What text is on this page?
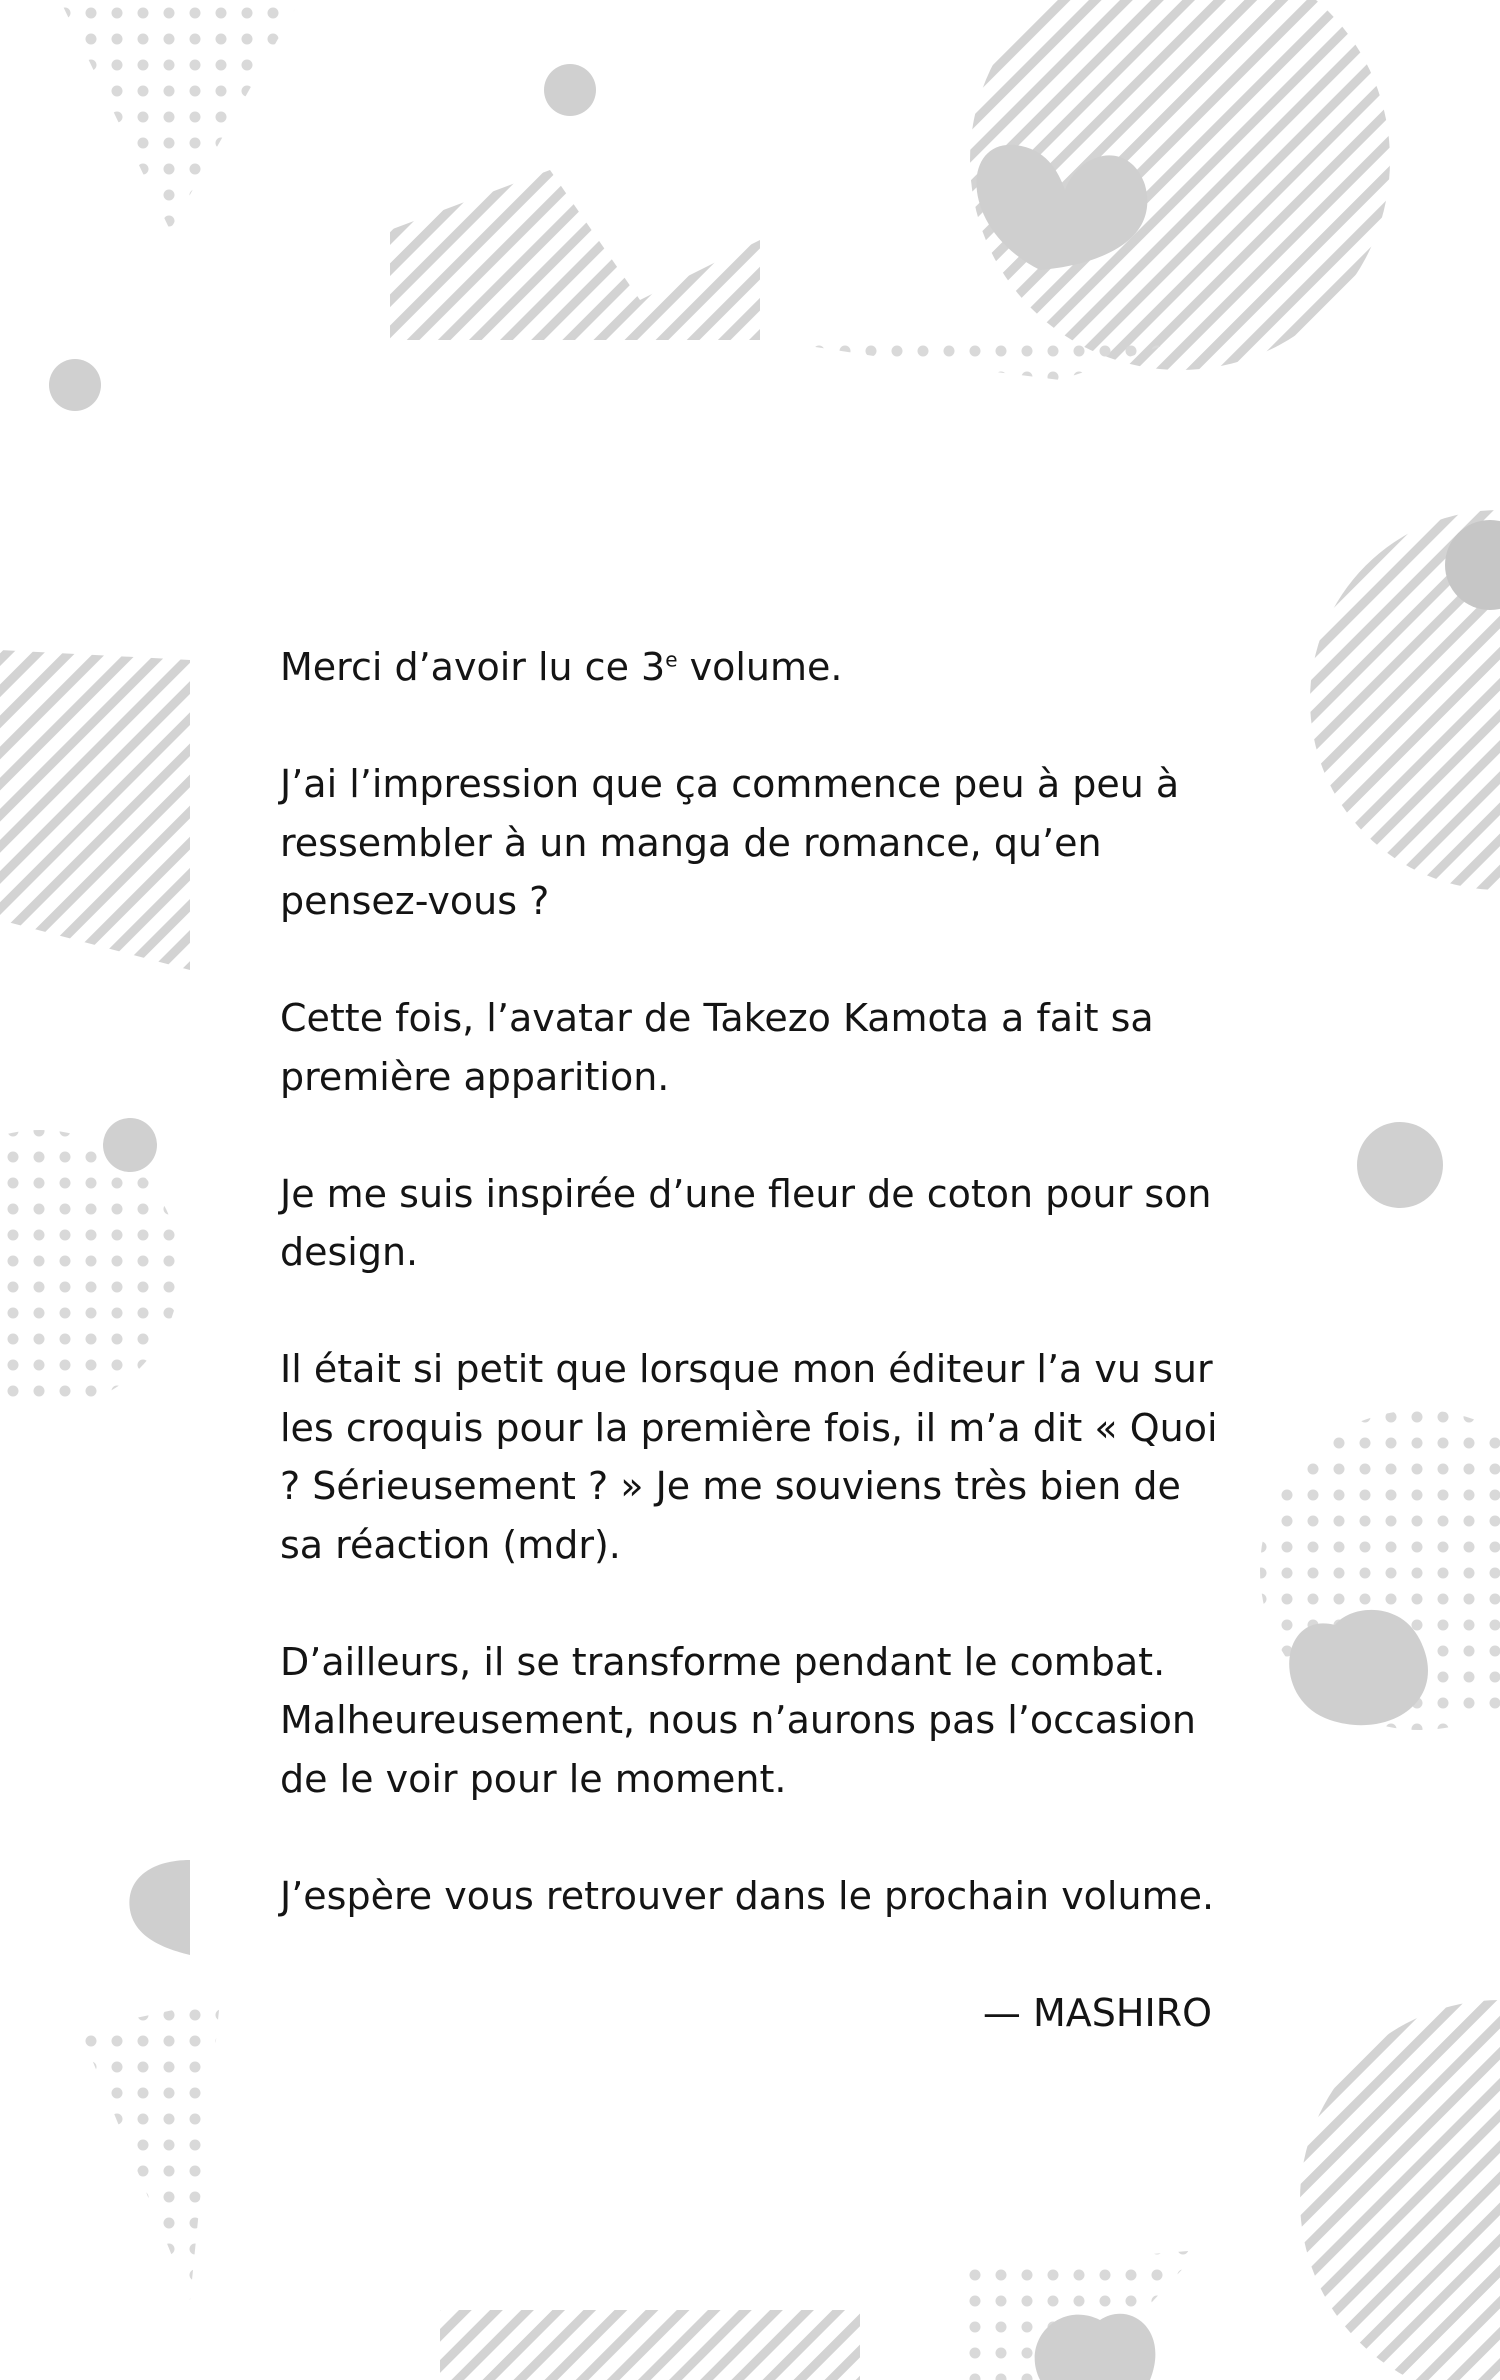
Merci d’avoir lu ce 3e volume.

J’ai l’impression que ça commence peu à peu à ressembler à un manga de romance, qu’en pensez-vous ?

Cette fois, l’avatar de Takezo Kamota a fait sa première apparition.

Je me suis inspirée d’une fleur de coton pour son design.

Il était si petit que lorsque mon éditeur l’a vu sur les croquis pour la première fois, il m’a dit « Quoi ? Sérieusement ? » Je me souviens très bien de sa réaction (mdr).

D’ailleurs, il se transforme pendant le combat. Malheureusement, nous n’aurons pas l’occasion de le voir pour le moment.

J’espère vous retrouver dans le prochain volume.

— MASHIRO
